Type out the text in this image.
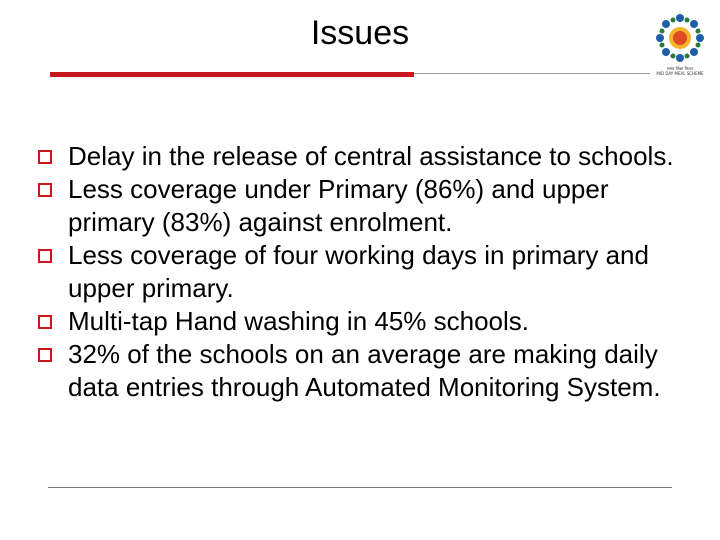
Issues
समग्र शिक्षा मिशन
MID DAY MEAL SCHEME
Delay in the release of central assistance to schools.
Less coverage under Primary (86%) and upper primary (83%) against enrolment.
Less coverage of four working days in primary and upper primary.
Multi-tap Hand washing in 45% schools.
32% of the schools on an average are making daily data entries through Automated Monitoring System.
